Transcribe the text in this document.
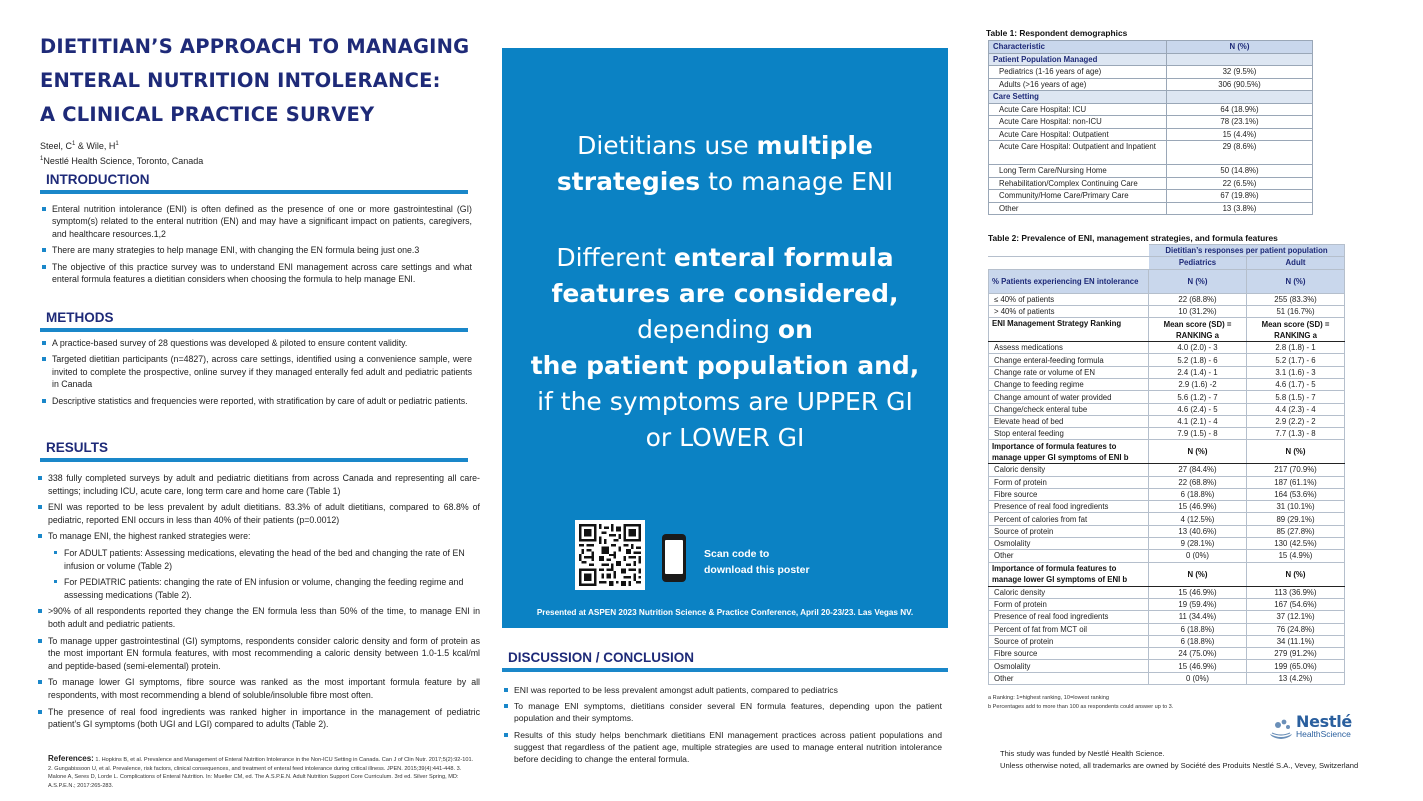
DIETITIAN’S APPROACH TO MANAGING
ENTERAL NUTRITION INTOLERANCE:
A CLINICAL PRACTICE SURVEY
Steel, $C^1$ & Wile, $H^1$
$^1$Nestlé Health Science, Toronto, Canada
INTRODUCTION
Enteral nutrition intolerance (ENI) is often defined as the presence of one or more gastrointestinal (GI) symptom(s) related to the enteral nutrition (EN) and may have a significant impact on patients, caregivers, and healthcare resources.1,2
There are many strategies to help manage ENI, with changing the EN formula being just one.3
The objective of this practice survey was to understand ENI management across care settings and what enteral formula features a dietitian considers when choosing the formula to help manage ENI.
METHODS
A practice-based survey of 28 questions was developed & piloted to ensure content validity.
Targeted dietitian participants (n=4827), across care settings, identified using a convenience sample, were invited to complete the prospective, online survey if they managed enterally fed adult and pediatric patients in Canada
Descriptive statistics and frequencies were reported, with stratification by care of adult or pediatric patients.
RESULTS
338 fully completed surveys by adult and pediatric dietitians from across Canada and representing all care-settings; including ICU, acute care, long term care and home care (Table 1)
ENI was reported to be less prevalent by adult dietitians. 83.3% of adult dietitians, compared to 68.8% of pediatric, reported ENI occurs in less than 40% of their patients (p=0.0012)
To manage ENI, the highest ranked strategies were:
For ADULT patients: Assessing medications, elevating the head of the bed and changing the rate of EN infusion or volume (Table 2)
For PEDIATRIC patients: changing the rate of EN infusion or volume, changing the feeding regime and assessing medications (Table 2).
>90% of all respondents reported they change the EN formula less than 50% of the time, to manage ENI in both adult and pediatric patients.
To manage upper gastrointestinal (GI) symptoms, respondents consider caloric density and form of protein as the most important EN formula features, with most recommending a caloric density between 1.0-1.5 kcal/ml and peptide-based (semi-elemental) protein.
To manage lower GI symptoms, fibre source was ranked as the most important formula feature by all respondents, with most recommending a blend of soluble/insoluble fibre most often.
The presence of real food ingredients was ranked higher in importance in the management of pediatric patient’s GI symptoms (both UGI and LGI) compared to adults (Table 2).
References: 1. Hopkins B, et al. Prevalence and Management of Enteral Nutrition Intolerance in the Non-ICU Setting in Canada. Can J of Clin Nutr. 2017;5(2):92-101. 2. Gungabissoon U, et al. Prevalence, risk factors, clinical consequences, and treatment of enteral feed intolerance during critical illness. JPEN. 2015;39(4):441-448. 3. Malone A, Seres D, Lorde L. Complications of Enteral Nutrition. In: Mueller CM, ed. The A.S.P.E.N. Adult Nutrition Support Core Curriculum. 3rd ed. Silver Spring, MD: A.S.P.E.N.; 2017:265-283.
Dietitians use multiple
strategies to manage ENI
Different enteral formula
features are considered,
depending on
the patient population and,
if the symptoms are UPPER GI
or LOWER GI
Scan code to
download this poster
Presented at ASPEN 2023 Nutrition Science & Practice Conference, April 20-23/23. Las Vegas NV.
DISCUSSION / CONCLUSION
ENI was reported to be less prevalent amongst adult patients, compared to pediatrics
To manage ENI symptoms, dietitians consider several EN formula features, depending upon the patient population and their symptoms.
Results of this study helps benchmark dietitians ENI management practices across patient populations and suggest that regardless of the patient age, multiple strategies are used to manage enteral nutrition intolerance before deciding to change the enteral formula.
Table 1: Respondent demographics
Characteristic	N (%)
Patient Population Managed	
Pediatrics (1-16 years of age)	32 (9.5%)
Adults (>16 years of age)	306 (90.5%)
Care Setting	
Acute Care Hospital: ICU	64 (18.9%)
Acute Care Hospital: non-ICU	78 (23.1%)
Acute Care Hospital: Outpatient	15 (4.4%)
Acute Care Hospital: Outpatient and Inpatient	29 (8.6%)
Long Term Care/Nursing Home	50 (14.8%)
Rehabilitation/Complex Continuing Care	22 (6.5%)
Community/Home Care/Primary Care	67 (19.8%)
Other	13 (3.8%)
Table 2: Prevalence of ENI, management strategies, and formula features
	Dietitian’s responses per patient population	
	Pediatrics	Adult
% Patients experiencing EN intolerance	N (%)	N (%)
≤ 40% of patients	22 (68.8%)	255 (83.3%)
> 40% of patients	10 (31.2%)	51 (16.7%)
ENI Management Strategy Ranking	Mean score (SD) = RANKING a	Mean score (SD) = RANKING a
Assess medications	4.0 (2.0) - 3	2.8 (1.8) - 1
Change enteral-feeding formula	5.2 (1.8) - 6	5.2 (1.7) - 6
Change rate or volume of EN	2.4 (1.4) - 1	3.1 (1.6) - 3
Change to feeding regime	2.9 (1.6) -2	4.6 (1.7) - 5
Change amount of water provided	5.6 (1.2) - 7	5.8 (1.5) - 7
Change/check enteral tube	4.6 (2.4) - 5	4.4 (2.3) - 4
Elevate head of bed	4.1 (2.1) - 4	2.9 (2.2) - 2
Stop enteral feeding	7.9 (1.5) - 8	7.7 (1.3) - 8
Importance of formula features to manage upper GI symptoms of ENI b	N (%)	N (%)
Caloric density	27 (84.4%)	217 (70.9%)
Form of protein	22 (68.8%)	187 (61.1%)
Fibre source	6 (18.8%)	164 (53.6%)
Presence of real food ingredients	15 (46.9%)	31 (10.1%)
Percent of calories from fat	4 (12.5%)	89 (29.1%)
Source of protein	13 (40.6%)	85 (27.8%)
Osmolality	9 (28.1%)	130 (42.5%)
Other	0 (0%)	15 (4.9%)
Importance of formula features to manage lower GI symptoms of ENI b	N (%)	N (%)
Caloric density	15 (46.9%)	113 (36.9%)
Form of protein	19 (59.4%)	167 (54.6%)
Presence of real food ingredients	11 (34.4%)	37 (12.1%)
Percent of fat from MCT oil	6 (18.8%)	76 (24.8%)
Source of protein	6 (18.8%)	34 (11.1%)
Fibre source	24 (75.0%)	279 (91.2%)
Osmolality	15 (46.9%)	199 (65.0%)
Other	0 (0%)	13 (4.2%)
a Ranking: 1=highest ranking, 10=lowest ranking
b Percentages add to more than 100 as respondents could answer up to 3.
Nestlé
HealthScience
This study was funded by Nestlé Health Science.
Unless otherwise noted, all trademarks are owned by Société des Produits Nestlé S.A., Vevey, Switzerland
